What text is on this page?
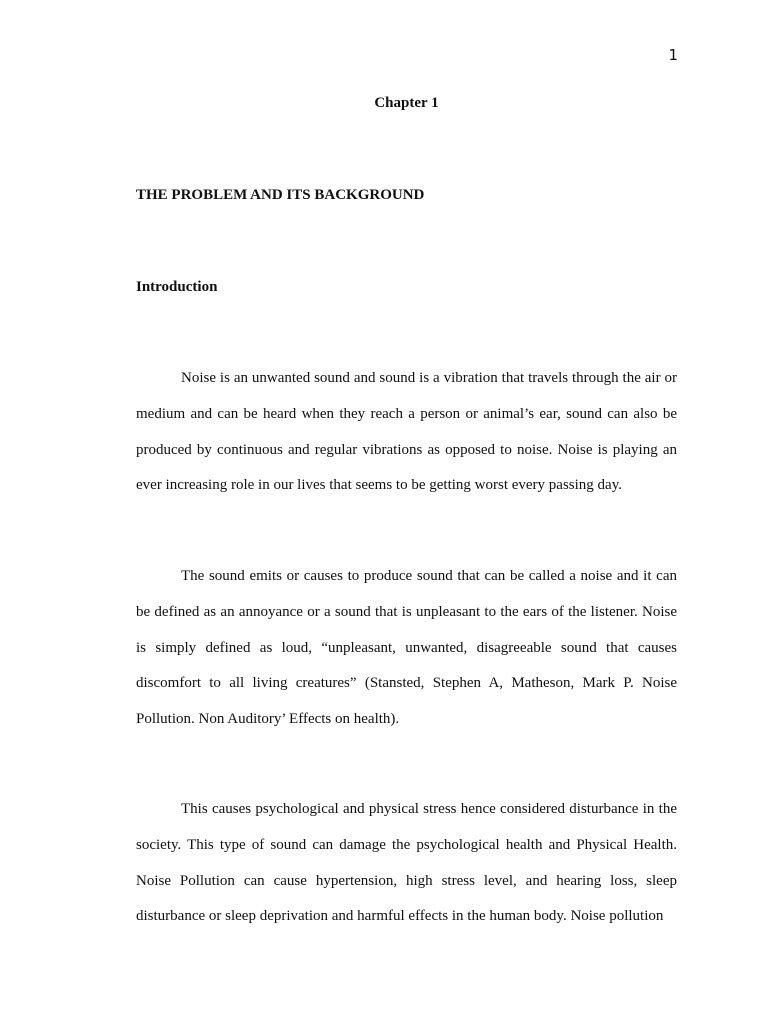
1
Chapter 1
THE PROBLEM AND ITS BACKGROUND
Introduction

Noise is an unwanted sound and sound is a vibration that travels through the air or medium and can be heard when they reach a person or animal’s ear, sound can also be produced by continuous and regular vibrations as opposed to noise. Noise is playing an ever increasing role in our lives that seems to be getting worst every passing day.

The sound emits or causes to produce sound that can be called a noise and it can be defined as an annoyance or a sound that is unpleasant to the ears of the listener. Noise is simply defined as loud, “unpleasant, unwanted, disagreeable sound that causes discomfort to all living creatures” (Stansted, Stephen A, Matheson, Mark P. Noise Pollution. Non Auditory’ Effects on health).

This causes psychological and physical stress hence considered disturbance in the society. This type of sound can damage the psychological health and Physical Health. Noise Pollution can cause hypertension, high stress level, and hearing loss, sleep disturbance or sleep deprivation and harmful effects in the human body. Noise pollution
